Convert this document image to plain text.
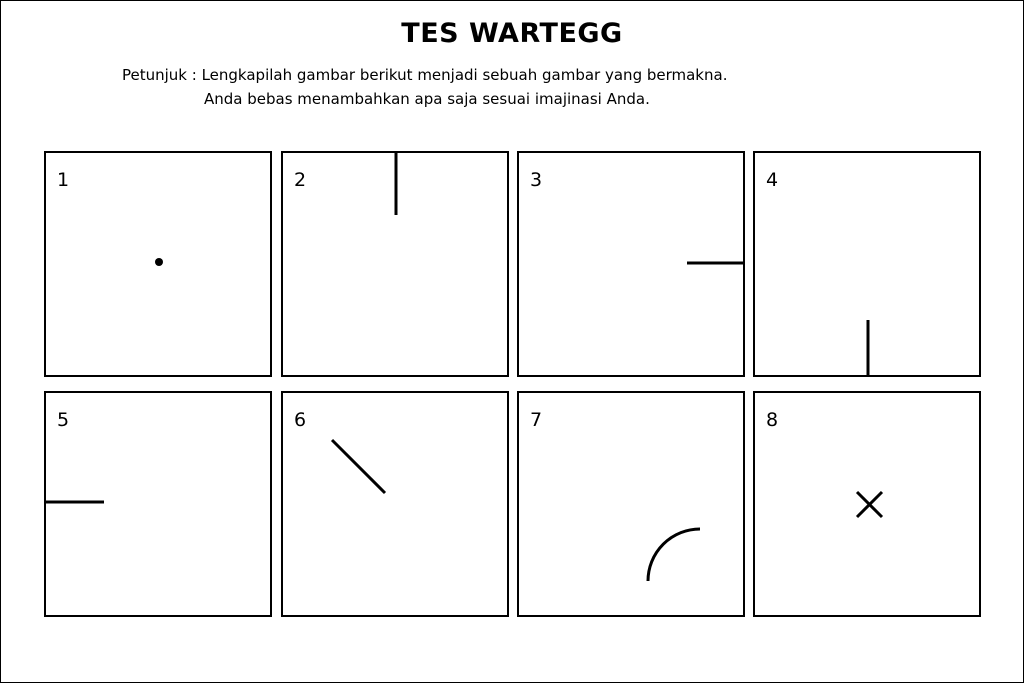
TES WARTEGG
Petunjuk : Lengkapilah gambar berikut menjadi sebuah gambar yang bermakna.
Anda bebas menambahkan apa saja sesuai imajinasi Anda.
1	2	3	4
5	6	7	8
